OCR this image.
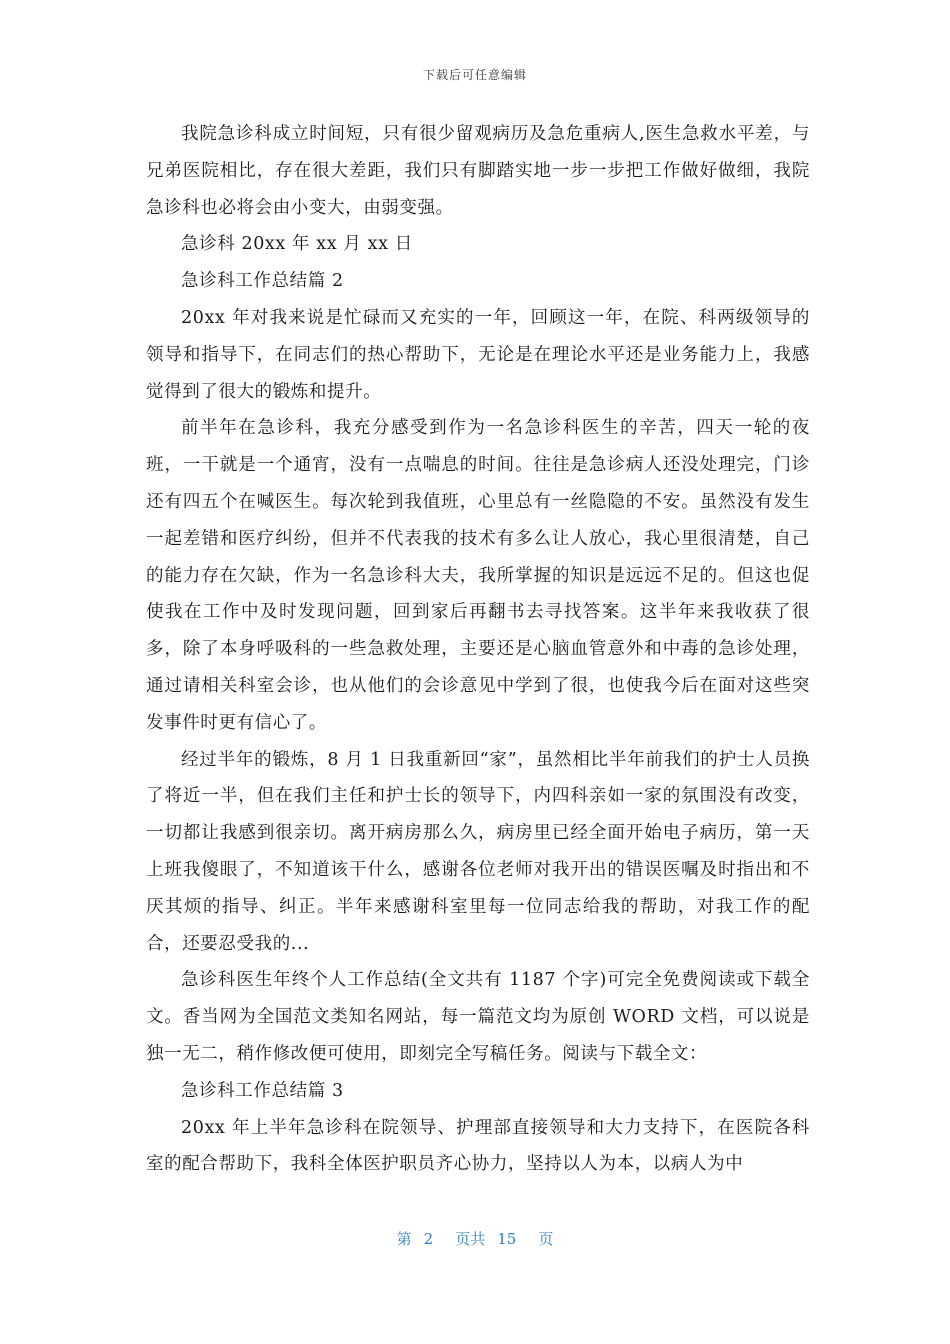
下载后可任意编辑

我院急诊科成立时间短，只有很少留观病历及急危重病人,医生急救水平差，与兄弟医院相比，存在很大差距，我们只有脚踏实地一步一步把工作做好做细，我院急诊科也必将会由小变大，由弱变强。

急诊科 20xx 年 xx 月 xx 日

急诊科工作总结篇 2

20xx 年对我来说是忙碌而又充实的一年，回顾这一年，在院、科两级领导的领导和指导下，在同志们的热心帮助下，无论是在理论水平还是业务能力上，我感觉得到了很大的锻炼和提升。

前半年在急诊科，我充分感受到作为一名急诊科医生的辛苦，四天一轮的夜班，一干就是一个通宵，没有一点喘息的时间。往往是急诊病人还没处理完，门诊还有四五个在喊医生。每次轮到我值班，心里总有一丝隐隐的不安。虽然没有发生一起差错和医疗纠纷，但并不代表我的技术有多么让人放心，我心里很清楚，自己的能力存在欠缺，作为一名急诊科大夫，我所掌握的知识是远远不足的。但这也促使我在工作中及时发现问题，回到家后再翻书去寻找答案。这半年来我收获了很多，除了本身呼吸科的一些急救处理，主要还是心脑血管意外和中毒的急诊处理，通过请相关科室会诊，也从他们的会诊意见中学到了很，也使我今后在面对这些突发事件时更有信心了。

经过半年的锻炼，8 月 1 日我重新回“家”，虽然相比半年前我们的护士人员换了将近一半，但在我们主任和护士长的领导下，内四科亲如一家的氛围没有改变，一切都让我感到很亲切。离开病房那么久，病房里已经全面开始电子病历，第一天上班我傻眼了，不知道该干什么，感谢各位老师对我开出的错误医嘱及时指出和不厌其烦的指导、纠正。半年来感谢科室里每一位同志给我的帮助，对我工作的配合，还要忍受我的...

急诊科医生年终个人工作总结(全文共有 1187 个字)可完全免费阅读或下载全文。香当网为全国范文类知名网站，每一篇范文均为原创 WORD 文档，可以说是独一无二，稍作修改便可使用，即刻完全写稿任务。阅读与下载全文：

急诊科工作总结篇 3

20xx 年上半年急诊科在院领导、护理部直接领导和大力支持下，在医院各科室的配合帮助下，我科全体医护职员齐心协力，坚持以人为本，以病人为中

第 2 页共 15 页
